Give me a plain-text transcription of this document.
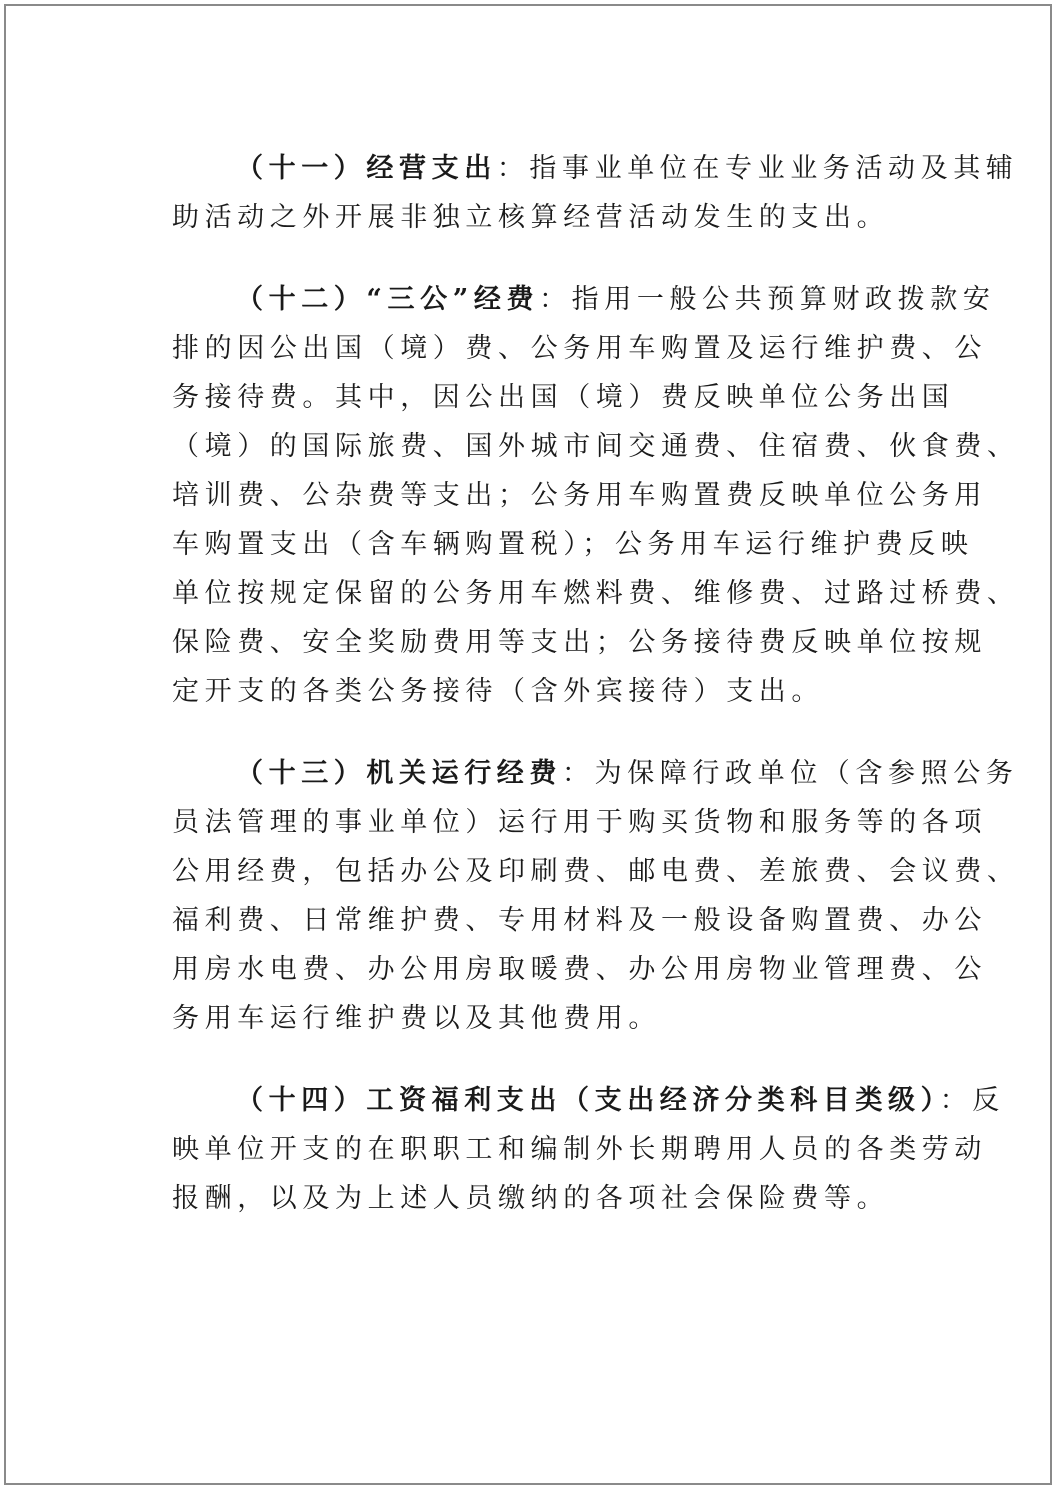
（十一）经营支出：指事业单位在专业业务活动及其辅
助活动之外开展非独立核算经营活动发生的支出。
（十二）“三公”经费：指用一般公共预算财政拨款安
排的因公出国（境）费、公务用车购置及运行维护费、公
务接待费。其中，因公出国（境）费反映单位公务出国
（境）的国际旅费、国外城市间交通费、住宿费、伙食费、
培训费、公杂费等支出；公务用车购置费反映单位公务用
车购置支出（含车辆购置税）；公务用车运行维护费反映
单位按规定保留的公务用车燃料费、维修费、过路过桥费、
保险费、安全奖励费用等支出；公务接待费反映单位按规
定开支的各类公务接待（含外宾接待）支出。
（十三）机关运行经费：为保障行政单位（含参照公务
员法管理的事业单位）运行用于购买货物和服务等的各项
公用经费，包括办公及印刷费、邮电费、差旅费、会议费、
福利费、日常维护费、专用材料及一般设备购置费、办公
用房水电费、办公用房取暖费、办公用房物业管理费、公
务用车运行维护费以及其他费用。
（十四）工资福利支出（支出经济分类科目类级）：反
映单位开支的在职职工和编制外长期聘用人员的各类劳动
报酬，以及为上述人员缴纳的各项社会保险费等。
